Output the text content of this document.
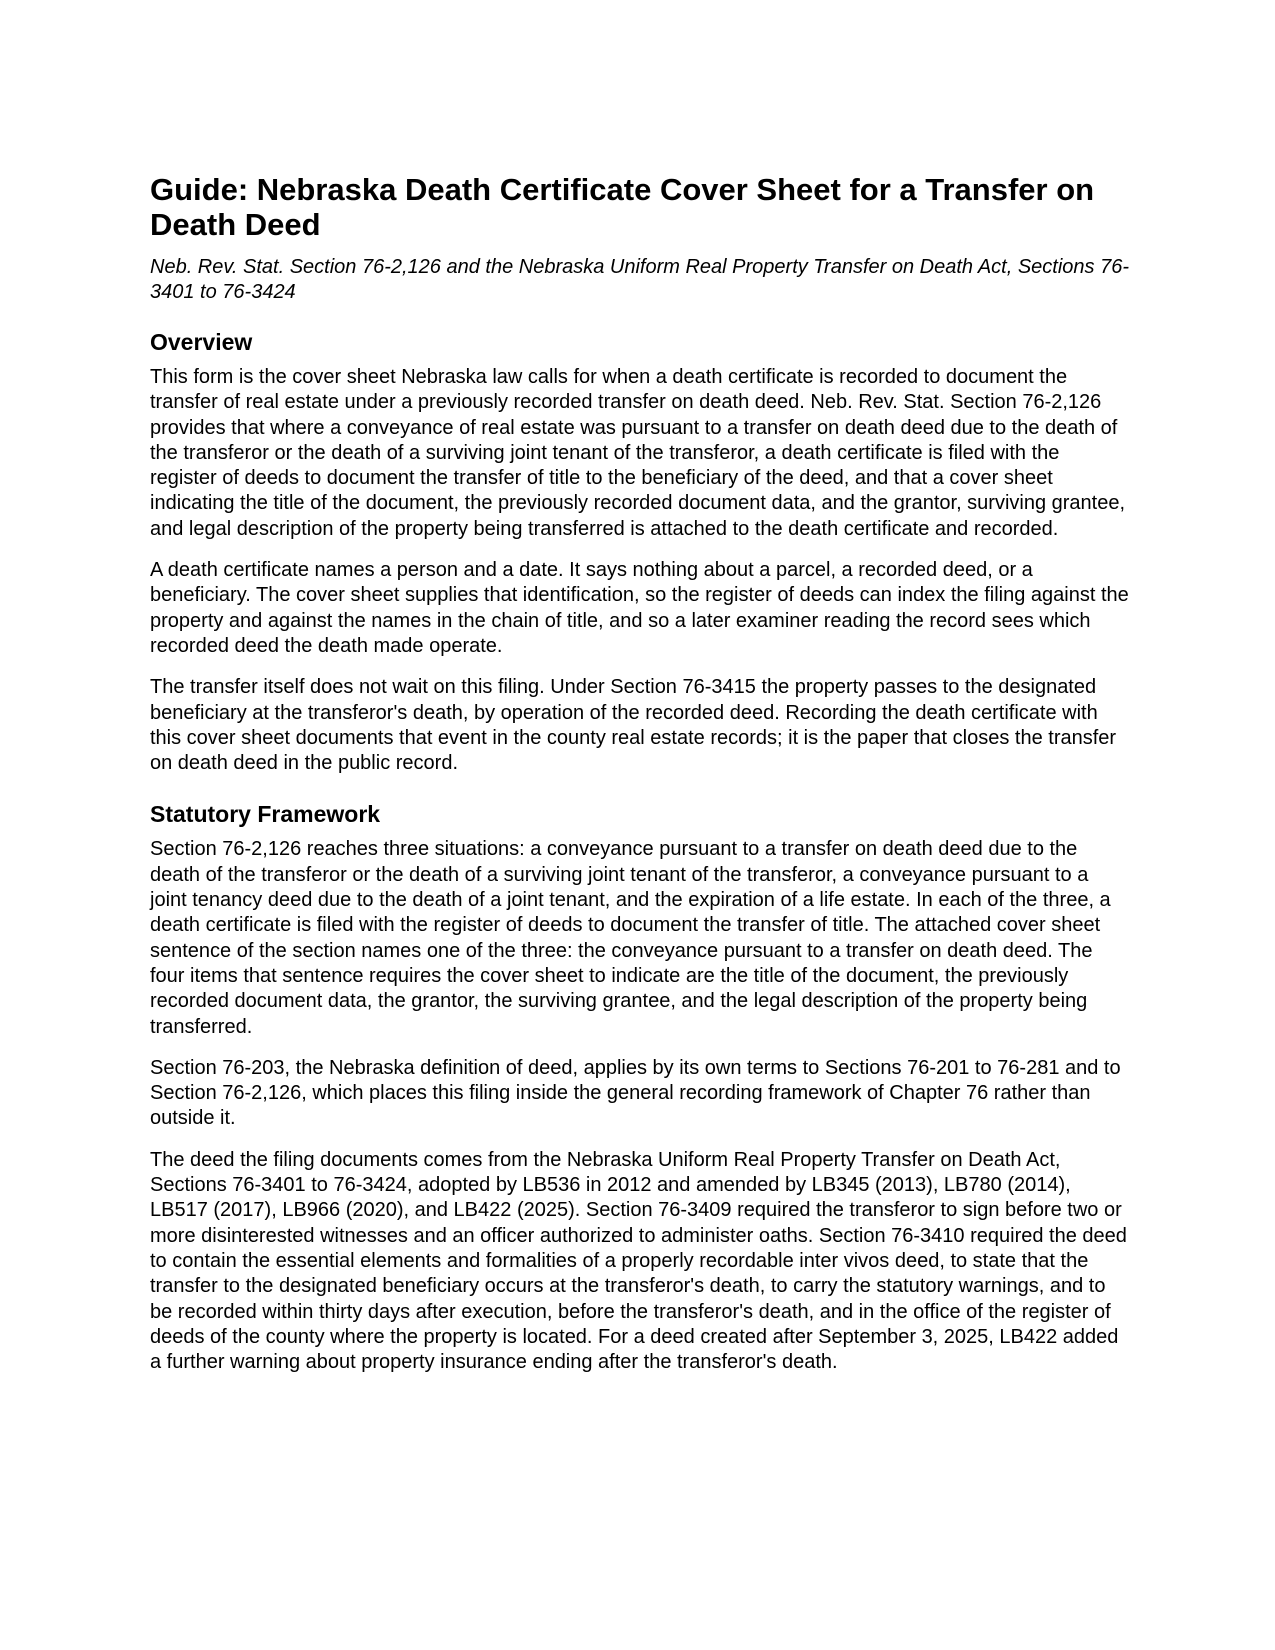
Guide: Nebraska Death Certificate Cover Sheet for a Transfer on Death Deed
Neb. Rev. Stat. Section 76-2,126 and the Nebraska Uniform Real Property Transfer on Death Act, Sections 76-3401 to 76-3424
Overview

This form is the cover sheet Nebraska law calls for when a death certificate is recorded to document the transfer of real estate under a previously recorded transfer on death deed. Neb. Rev. Stat. Section 76-2,126 provides that where a conveyance of real estate was pursuant to a transfer on death deed due to the death of the transferor or the death of a surviving joint tenant of the transferor, a death certificate is filed with the register of deeds to document the transfer of title to the beneficiary of the deed, and that a cover sheet indicating the title of the document, the previously recorded document data, and the grantor, surviving grantee, and legal description of the property being transferred is attached to the death certificate and recorded.

A death certificate names a person and a date. It says nothing about a parcel, a recorded deed, or a beneficiary. The cover sheet supplies that identification, so the register of deeds can index the filing against the property and against the names in the chain of title, and so a later examiner reading the record sees which recorded deed the death made operate.

The transfer itself does not wait on this filing. Under Section 76-3415 the property passes to the designated beneficiary at the transferor's death, by operation of the recorded deed. Recording the death certificate with this cover sheet documents that event in the county real estate records; it is the paper that closes the transfer on death deed in the public record.

Statutory Framework

Section 76-2,126 reaches three situations: a conveyance pursuant to a transfer on death deed due to the death of the transferor or the death of a surviving joint tenant of the transferor, a conveyance pursuant to a joint tenancy deed due to the death of a joint tenant, and the expiration of a life estate. In each of the three, a death certificate is filed with the register of deeds to document the transfer of title. The attached cover sheet sentence of the section names one of the three: the conveyance pursuant to a transfer on death deed. The four items that sentence requires the cover sheet to indicate are the title of the document, the previously recorded document data, the grantor, the surviving grantee, and the legal description of the property being transferred.

Section 76-203, the Nebraska definition of deed, applies by its own terms to Sections 76-201 to 76-281 and to Section 76-2,126, which places this filing inside the general recording framework of Chapter 76 rather than outside it.

The deed the filing documents comes from the Nebraska Uniform Real Property Transfer on Death Act, Sections 76-3401 to 76-3424, adopted by LB536 in 2012 and amended by LB345 (2013), LB780 (2014), LB517 (2017), LB966 (2020), and LB422 (2025). Section 76-3409 required the transferor to sign before two or more disinterested witnesses and an officer authorized to administer oaths. Section 76-3410 required the deed to contain the essential elements and formalities of a properly recordable inter vivos deed, to state that the transfer to the designated beneficiary occurs at the transferor's death, to carry the statutory warnings, and to be recorded within thirty days after execution, before the transferor's death, and in the office of the register of deeds of the county where the property is located. For a deed created after September 3, 2025, LB422 added a further warning about property insurance ending after the transferor's death.
